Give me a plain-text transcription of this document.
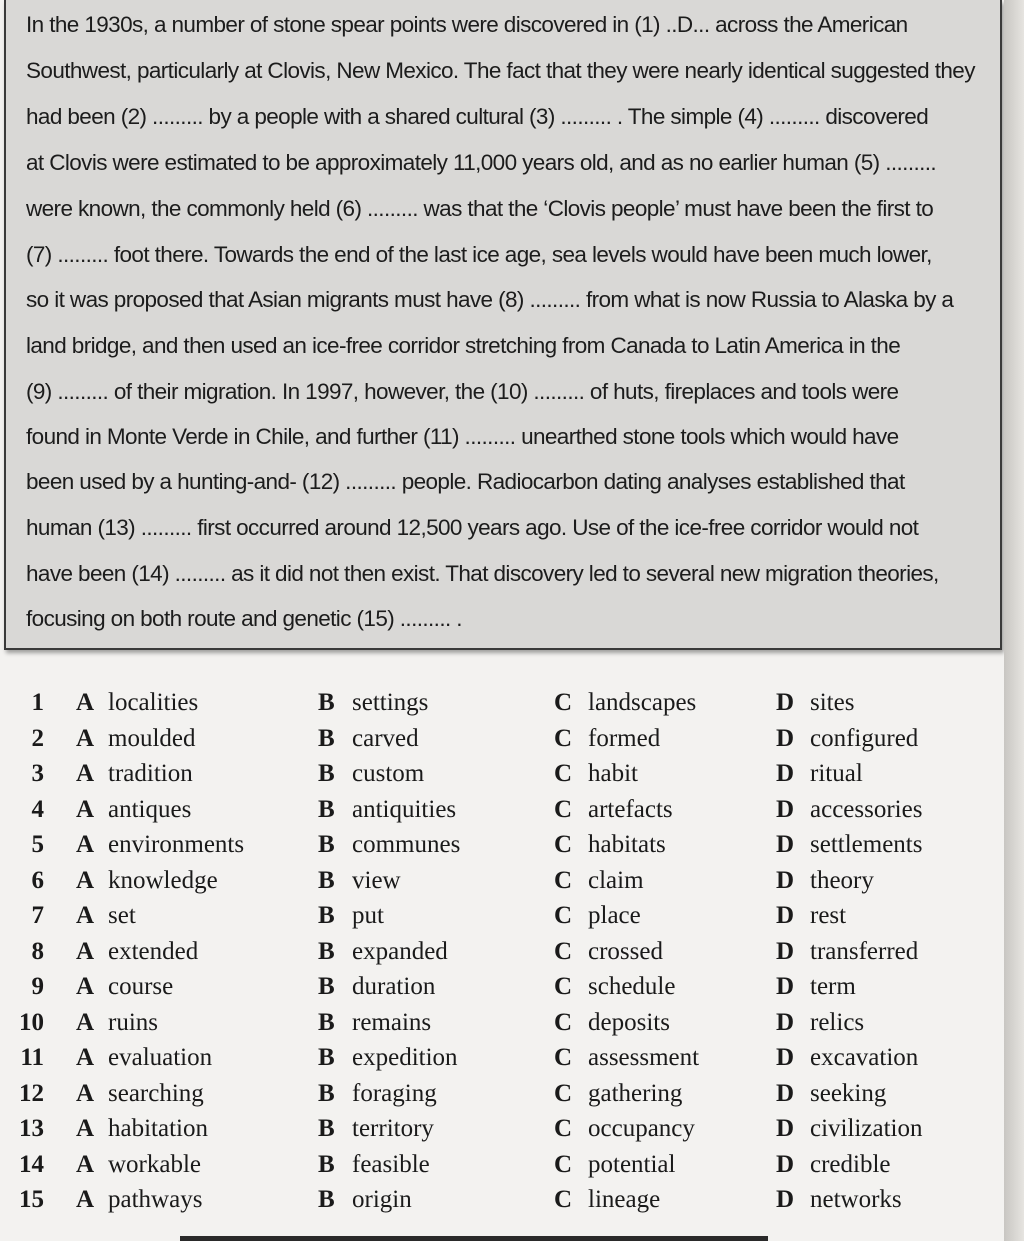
In the 1930s, a number of stone spear points were discovered in (1) ..D... across the American
Southwest, particularly at Clovis, New Mexico. The fact that they were nearly identical suggested they
had been (2) ......... by a people with a shared cultural (3) ......... . The simple (4) ......... discovered
at Clovis were estimated to be approximately 11,000 years old, and as no earlier human (5) .........
were known, the commonly held (6) ......... was that the ‘Clovis people’ must have been the first to
(7) ......... foot there. Towards the end of the last ice age, sea levels would have been much lower,
so it was proposed that Asian migrants must have (8) ......... from what is now Russia to Alaska by a
land bridge, and then used an ice-free corridor stretching from Canada to Latin America in the
(9) ......... of their migration. In 1997, however, the (10) ......... of huts, fireplaces and tools were
found in Monte Verde in Chile, and further (11) ......... unearthed stone tools which would have
been used by a hunting-and- (12) ......... people. Radiocarbon dating analyses established that
human (13) ......... first occurred around 12,500 years ago. Use of the ice-free corridor would not
have been (14) ......... as it did not then exist. That discovery led to several new migration theories,
focusing on both route and genetic (15) ......... .
1 A localities	B settings	C landscapes	D sites
2 A moulded	B carved	C formed	D configured
3 A tradition	B custom	C habit	D ritual
4 A antiques	B antiquities	C artefacts	D accessories
5 A environments	B communes	C habitats	D settlements
6 A knowledge	B view	C claim	D theory
7 A set	B put	C place	D rest
8 A extended	B expanded	C crossed	D transferred
9 A course	B duration	C schedule	D term
10 A ruins	B remains	C deposits	D relics
11 A evaluation	B expedition	C assessment	D excavation
12 A searching	B foraging	C gathering	D seeking
13 A habitation	B territory	C occupancy	D civilization
14 A workable	B feasible	C potential	D credible
15 A pathways	B origin	C lineage	D networks
